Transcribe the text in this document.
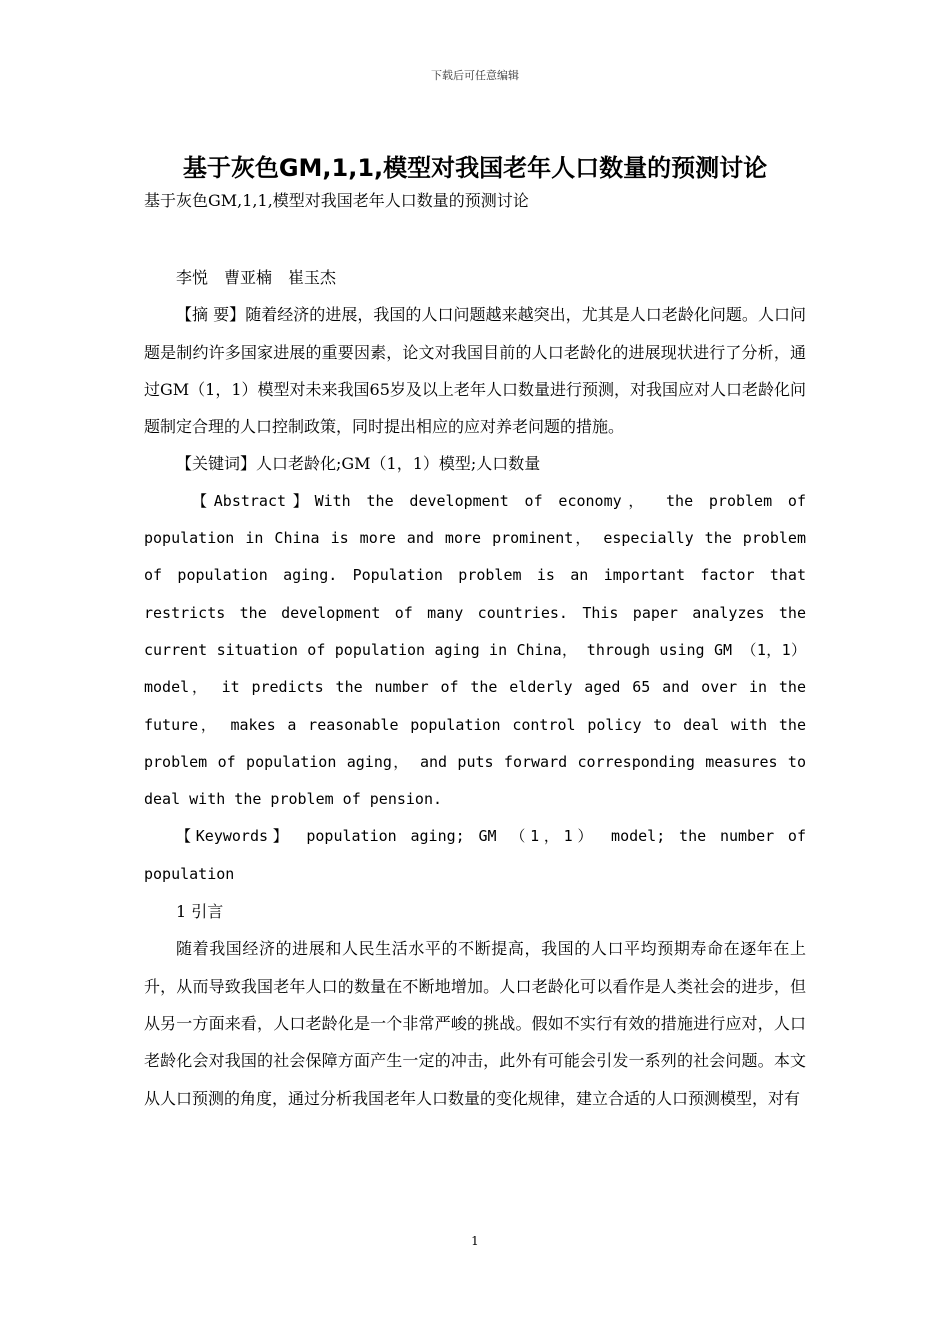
下载后可任意编辑
基于灰色GM,1,1,模型对我国老年人口数量的预测讨论

基于灰色GM,1,1,模型对我国老年人口数量的预测讨论

李悦　曹亚楠　崔玉杰

【摘 要】随着经济的进展，我国的人口问题越来越突出，尤其是人口老龄化问题。人口问题是制约许多国家进展的重要因素，论文对我国目前的人口老龄化的进展现状进行了分析，通过GM（1，1）模型对未来我国65岁及以上老年人口数量进行预测，对我国应对人口老龄化问题制定合理的人口控制政策，同时提出相应的应对养老问题的措施。

【关键词】人口老龄化;GM（1，1）模型;人口数量

【Abstract】With the development of economy， the problem of population in China is more and more prominent， especially the problem of population aging. Population problem is an important factor that restricts the development of many countries. This paper analyzes the current situation of population aging in China， through using GM （1，1） model， it predicts the number of the elderly aged 65 and over in the future， makes a reasonable population control policy to deal with the problem of population aging， and puts forward corresponding measures to deal with the problem of pension.

【Keywords】 population aging; GM （1，1） model; the number of population

1 引言

随着我国经济的进展和人民生活水平的不断提高，我国的人口平均预期寿命在逐年在上升，从而导致我国老年人口的数量在不断地增加。人口老龄化可以看作是人类社会的进步，但从另一方面来看，人口老龄化是一个非常严峻的挑战。假如不实行有效的措施进行应对，人口老龄化会对我国的社会保障方面产生一定的冲击，此外有可能会引发一系列的社会问题。本文从人口预测的角度，通过分析我国老年人口数量的变化规律，建立合适的人口预测模型，对有

1
